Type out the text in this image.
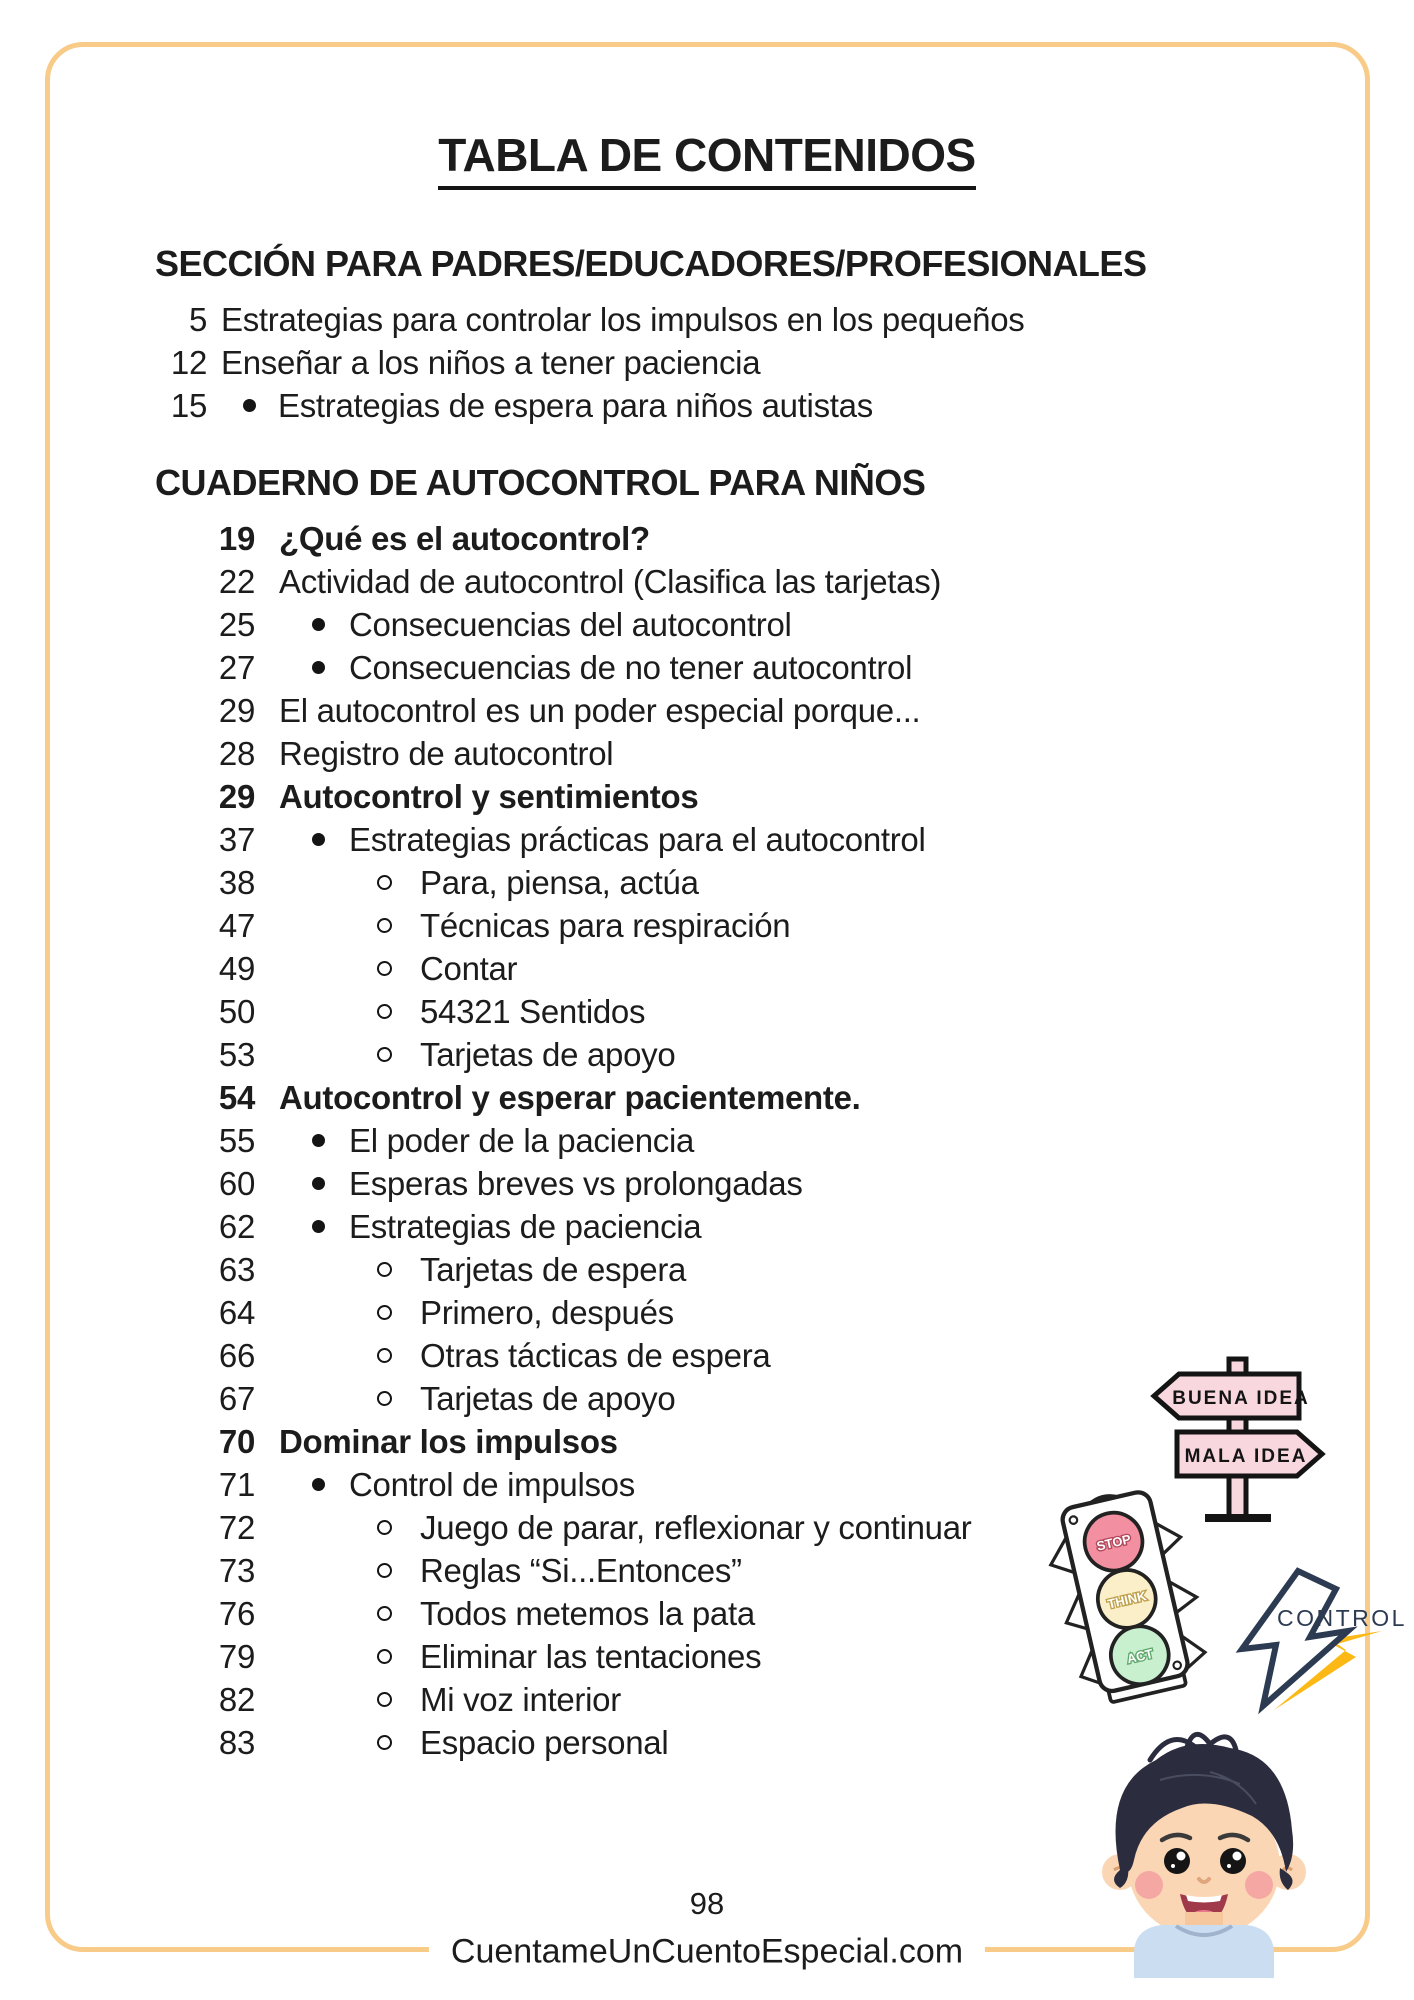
TABLA DE CONTENIDOS
SECCIÓN PARA PADRES/EDUCADORES/PROFESIONALES
5 Estrategias para controlar los impulsos en los pequeños
12 Enseñar a los niños a tener paciencia
15 Estrategias de espera para niños autistas
CUADERNO DE AUTOCONTROL PARA NIÑOS
19 ¿Qué es el autocontrol?
22 Actividad de autocontrol (Clasifica las tarjetas)
25	Consecuencias del autocontrol
27	Consecuencias de no tener autocontrol
29 El autocontrol es un poder especial porque...
28 Registro de autocontrol
29 Autocontrol y sentimientos
37	Estrategias prácticas para el autocontrol
38	Para, piensa, actúa
47	Técnicas para respiración
49	Contar
50	54321 Sentidos
53	Tarjetas de apoyo
54 Autocontrol y esperar pacientemente.
55	El poder de la paciencia
60	Esperas breves vs prolongadas
62	Estrategias de paciencia
63	Tarjetas de espera
64	Primero, después
66	Otras tácticas de espera
67	Tarjetas de apoyo
70 Dominar los impulsos
71	Control de impulsos
72	Juego de parar, reflexionar y continuar
73	Reglas “Si...Entonces”
76	Todos metemos la pata
79	Eliminar las tentaciones
82	Mi voz interior
83	Espacio personal
98
CuentameUnCuentoEspecial.com
BUENA IDEA
MALA IDEA
STOP
THINK
ACT
CONTROL
